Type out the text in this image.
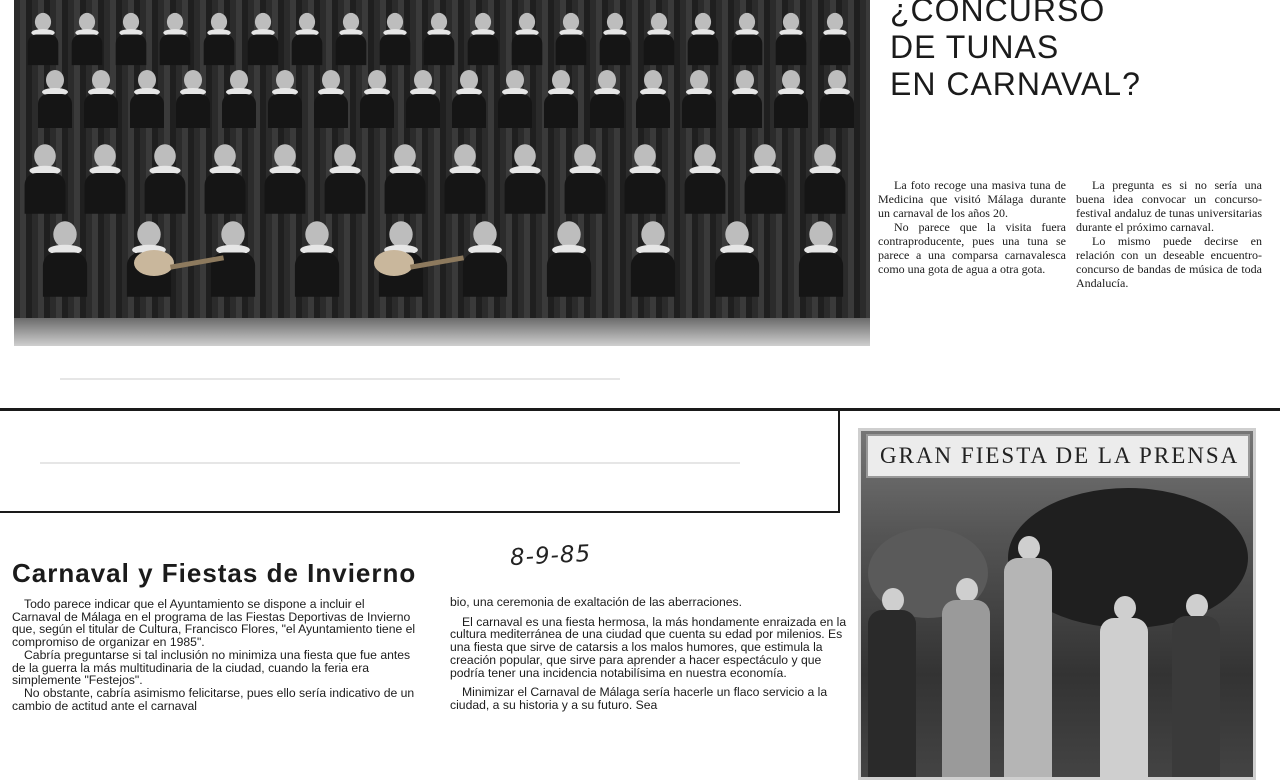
¿CONCURSO
DE TUNAS
EN CARNAVAL?

La foto recoge una masiva tuna de Medicina que visitó Málaga durante un carnaval de los años 20.

No parece que la visita fuera contraproducente, pues una tuna se parece a una comparsa carnavalesca como una gota de agua a otra gota.

La pregunta es si no sería una buena idea convocar un concurso-festival andaluz de tunas universitarias durante el próximo carnaval.

Lo mismo puede decirse en relación con un deseable encuentro-concurso de bandas de música de toda Andalucía.

GRAN FIESTA DE LA PRENSA
Carnaval y Fiestas de Invierno
8-9-85

Todo parece indicar que el Ayuntamiento se dispone a incluir el Carnaval de Málaga en el programa de las Fiestas Deportivas de Invierno que, según el titular de Cultura, Francisco Flores, "el Ayuntamiento tiene el compromiso de organizar en 1985".

Cabría preguntarse si tal inclusión no minimiza una fiesta que fue antes de la guerra la más multitudinaria de la ciudad, cuando la feria era simplemente "Festejos".

No obstante, cabría asimismo felicitarse, pues ello sería indicativo de un cambio de actitud ante el carnaval

bio, una ceremonia de exaltación de las aberraciones.

El carnaval es una fiesta hermosa, la más hondamente enraizada en la cultura mediterránea de una ciudad que cuenta su edad por milenios. Es una fiesta que sirve de catarsis a los malos humores, que estimula la creación popular, que sirve para aprender a hacer espectáculo y que podría tener una incidencia notabilísima en nuestra economía.

Minimizar el Carnaval de Málaga sería hacerle un flaco servicio a la ciudad, a su historia y a su futuro. Sea
